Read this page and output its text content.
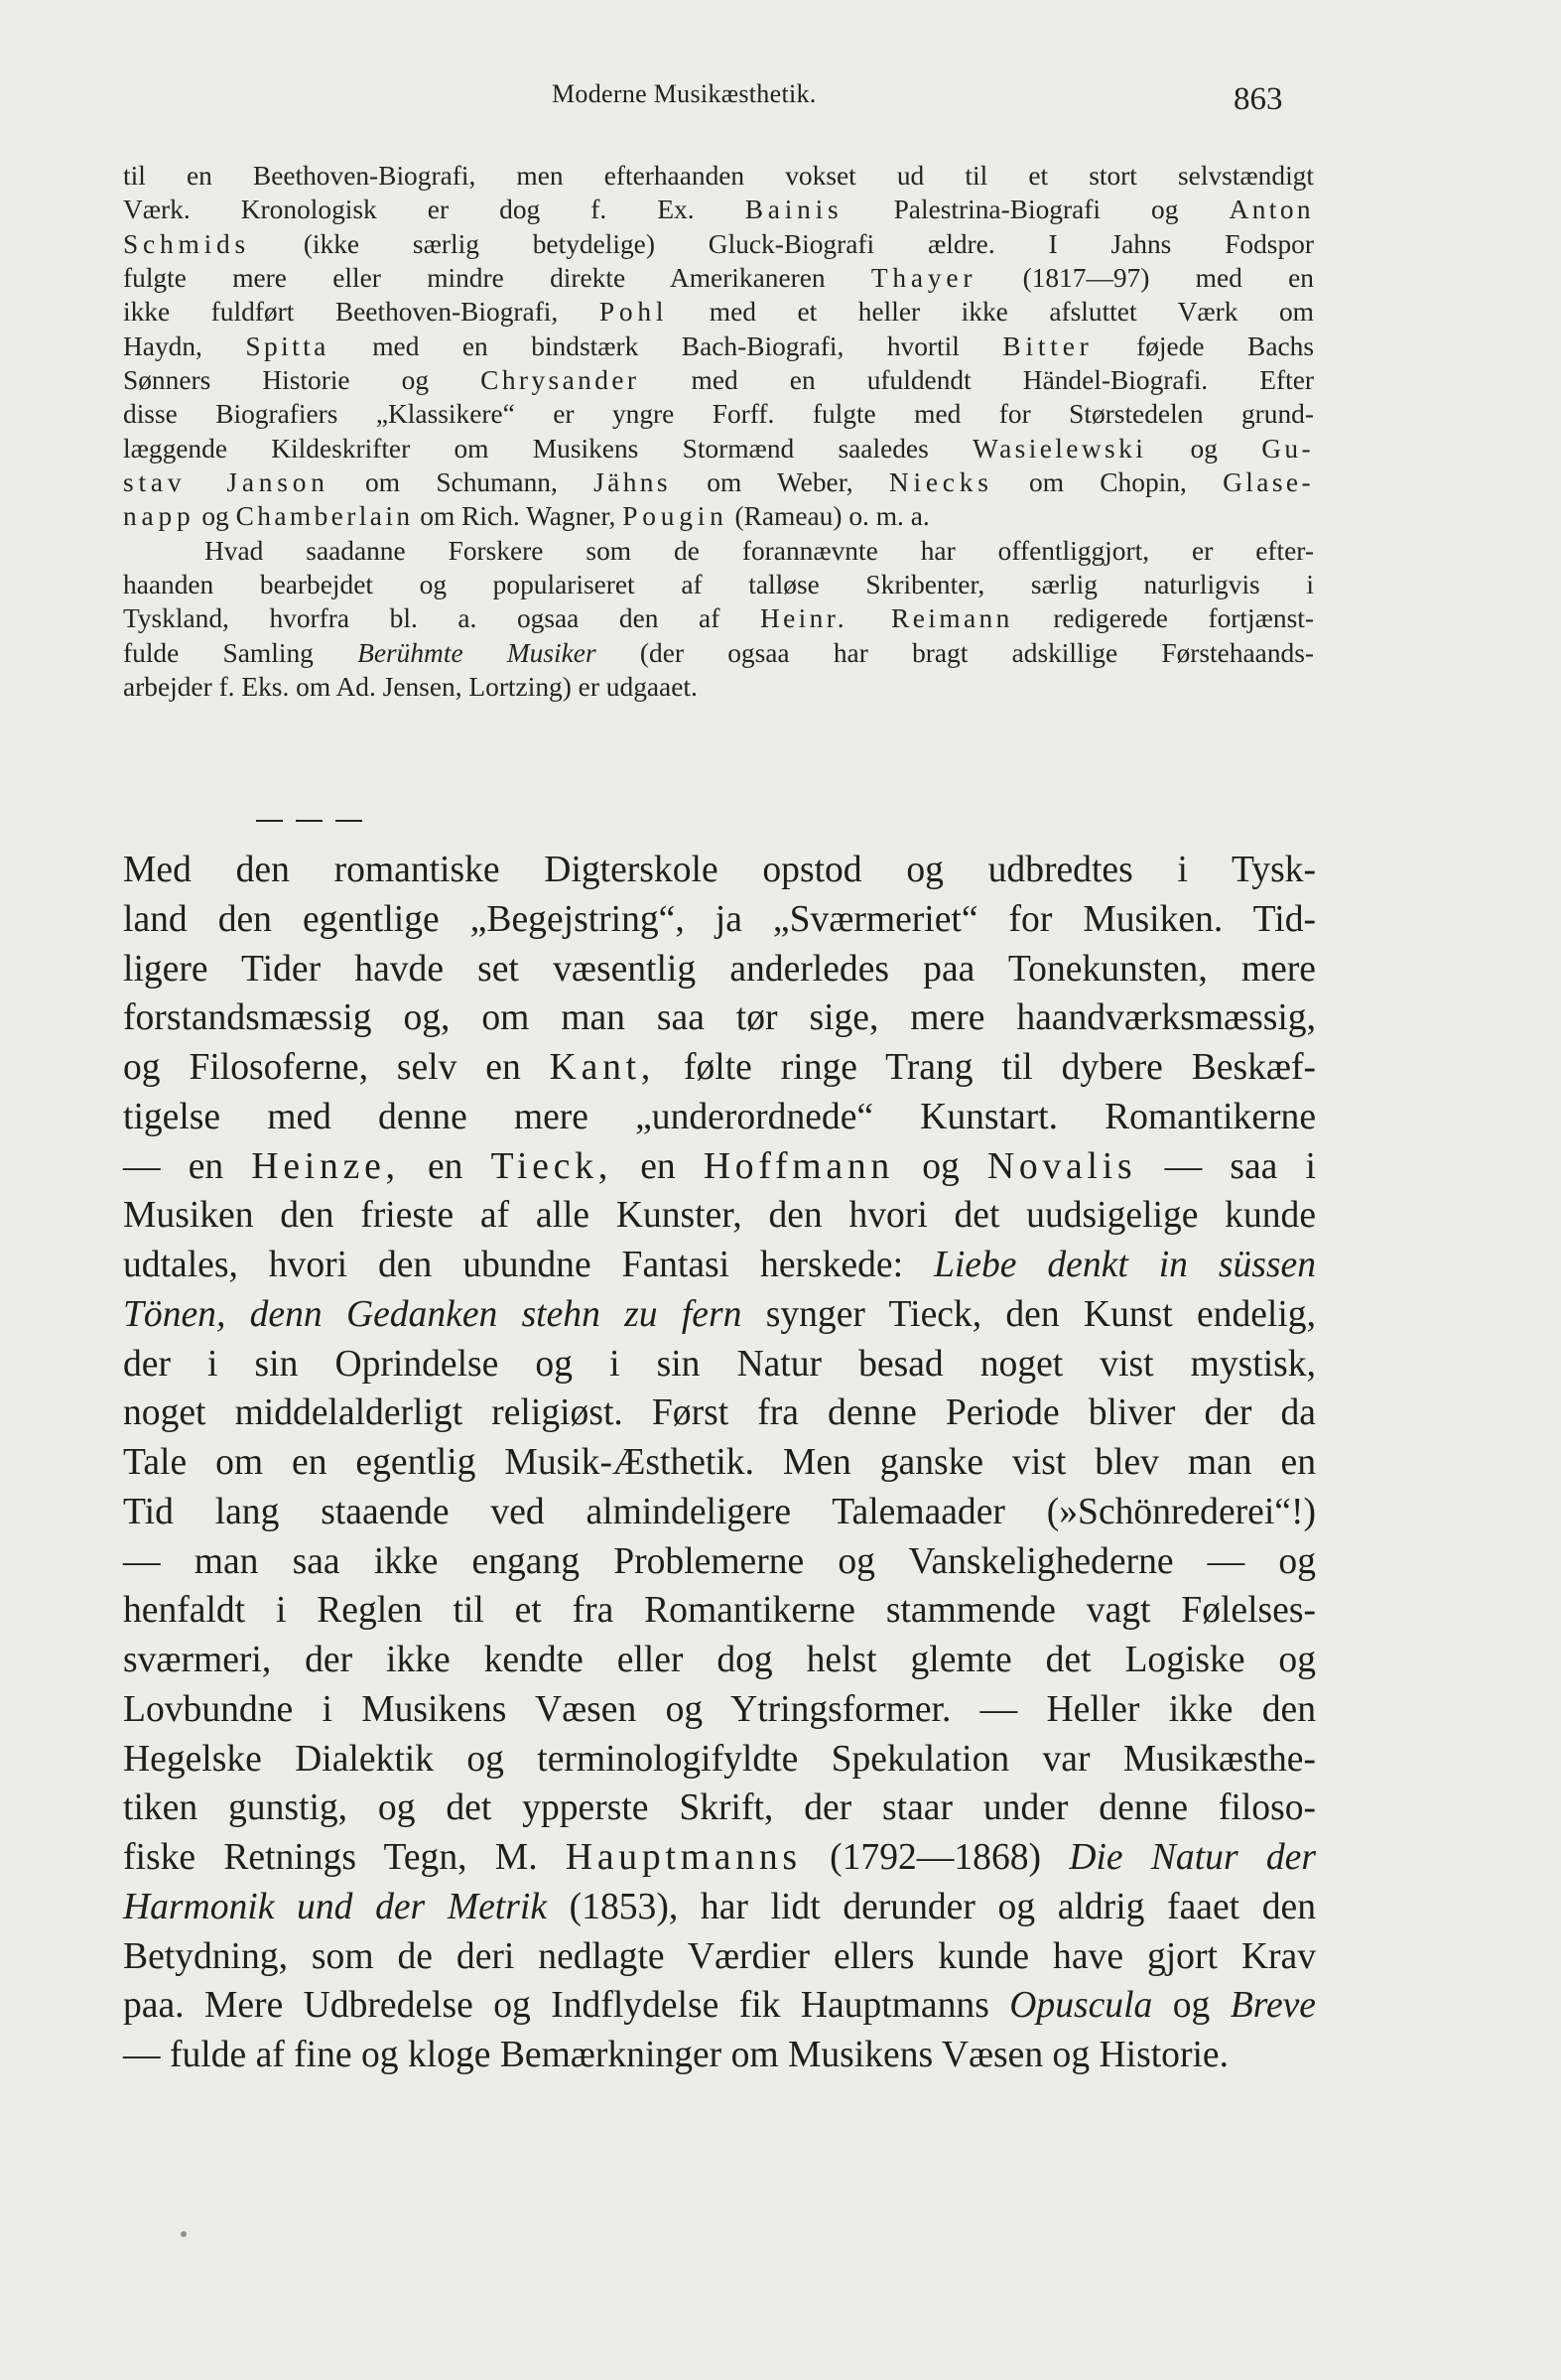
Moderne Musikæsthetik.	863
til en Beethoven-Biografi, men efterhaanden vokset ud til et stort selvstændigt
Værk. Kronologisk er dog f. Ex. Bainis Palestrina-Biografi og Anton
Schmids (ikke særlig betydelige) Gluck-Biografi ældre. I Jahns Fodspor
fulgte mere eller mindre direkte Amerikaneren Thayer (1817—97) med en
ikke fuldført Beethoven-Biografi, Pohl med et heller ikke afsluttet Værk om
Haydn, Spitta med en bindstærk Bach-Biografi, hvortil Bitter føjede Bachs
Sønners Historie og Chrysander med en ufuldendt Händel-Biografi. Efter
disse Biografiers „Klassikere“ er yngre Forff. fulgte med for Størstedelen grund-
læggende Kildeskrifter om Musikens Stormænd saaledes Wasielewski og Gu-
stav Janson om Schumann, Jähns om Weber, Niecks om Chopin, Glase-
napp og Chamberlain om Rich. Wagner, Pougin (Rameau) o. m. a.
Hvad saadanne Forskere som de forannævnte har offentliggjort, er efter-
haanden bearbejdet og populariseret af talløse Skribenter, særlig naturligvis i
Tyskland, hvorfra bl. a. ogsaa den af Heinr. Reimann redigerede fortjænst-
fulde Samling Berühmte Musiker (der ogsaa har bragt adskillige Førstehaands-
arbejder f. Eks. om Ad. Jensen, Lortzing) er udgaaet.
Med den romantiske Digterskole opstod og udbredtes i Tysk-
land den egentlige „Begejstring“, ja „Sværmeriet“ for Musiken. Tid-
ligere Tider havde set væsentlig anderledes paa Tonekunsten, mere
forstandsmæssig og, om man saa tør sige, mere haandværksmæssig,
og Filosoferne, selv en Kant, følte ringe Trang til dybere Beskæf-
tigelse med denne mere „underordnede“ Kunstart. Romantikerne
— en Heinze, en Tieck, en Hoffmann og Novalis — saa i
Musiken den frieste af alle Kunster, den hvori det uudsigelige kunde
udtales, hvori den ubundne Fantasi herskede: Liebe denkt in süssen
Tönen, denn Gedanken stehn zu fern synger Tieck, den Kunst endelig,
der i sin Oprindelse og i sin Natur besad noget vist mystisk,
noget middelalderligt religiøst. Først fra denne Periode bliver der da
Tale om en egentlig Musik-Æsthetik. Men ganske vist blev man en
Tid lang staaende ved almindeligere Talemaader (»Schönrederei“!)
— man saa ikke engang Problemerne og Vanskelighederne — og
henfaldt i Reglen til et fra Romantikerne stammende vagt Følelses-
sværmeri, der ikke kendte eller dog helst glemte det Logiske og
Lovbundne i Musikens Væsen og Ytringsformer. — Heller ikke den
Hegelske Dialektik og terminologifyldte Spekulation var Musikæsthe-
tiken gunstig, og det ypperste Skrift, der staar under denne filoso-
fiske Retnings Tegn, M. Hauptmanns (1792—1868) Die Natur der
Harmonik und der Metrik (1853), har lidt derunder og aldrig faaet den
Betydning, som de deri nedlagte Værdier ellers kunde have gjort Krav
paa. Mere Udbredelse og Indflydelse fik Hauptmanns Opuscula og Breve
— fulde af fine og kloge Bemærkninger om Musikens Væsen og Historie.
